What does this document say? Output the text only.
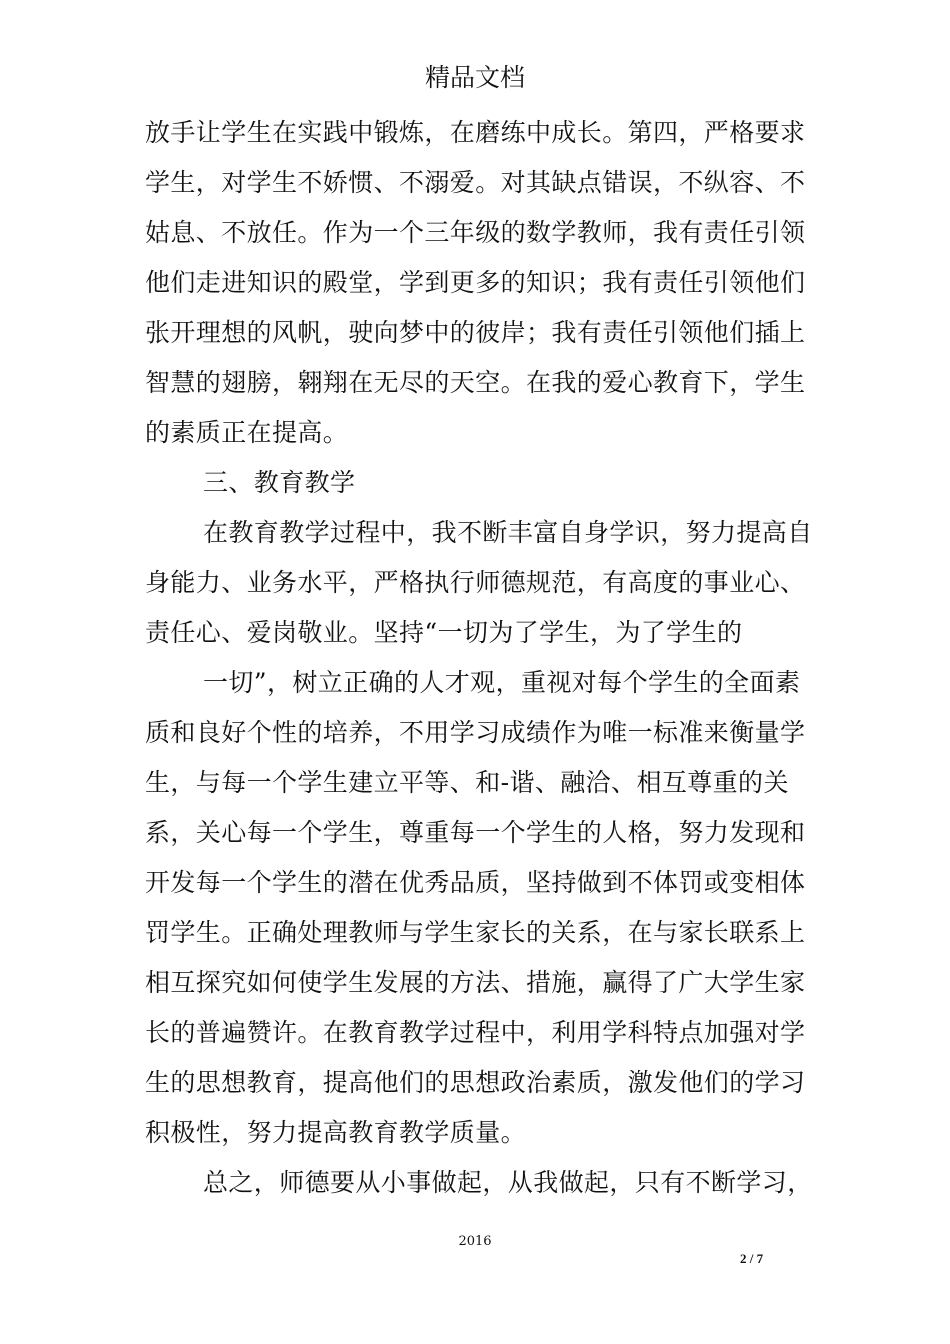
精品文档
放手让学生在实践中锻炼，在磨练中成长。第四，严格要求
学生，对学生不娇惯、不溺爱。对其缺点错误，不纵容、不
姑息、不放任。作为一个三年级的数学教师，我有责任引领
他们走进知识的殿堂，学到更多的知识；我有责任引领他们
张开理想的风帆，驶向梦中的彼岸；我有责任引领他们插上
智慧的翅膀，翱翔在无尽的天空。在我的爱心教育下，学生
的素质正在提高。
三、教育教学
在教育教学过程中，我不断丰富自身学识，努力提高自
身能力、业务水平，严格执行师德规范，有高度的事业心、
责任心、爱岗敬业。坚持“一切为了学生，为了学生的
一切”，树立正确的人才观，重视对每个学生的全面素
质和良好个性的培养，不用学习成绩作为唯一标准来衡量学
生，与每一个学生建立平等、和-谐、融洽、相互尊重的关
系，关心每一个学生，尊重每一个学生的人格，努力发现和
开发每一个学生的潜在优秀品质，坚持做到不体罚或变相体
罚学生。正确处理教师与学生家长的关系，在与家长联系上
相互探究如何使学生发展的方法、措施，赢得了广大学生家
长的普遍赞许。在教育教学过程中，利用学科特点加强对学
生的思想教育，提高他们的思想政治素质，激发他们的学习
积极性，努力提高教育教学质量。
总之，师德要从小事做起，从我做起，只有不断学习，
2016
2 / 7
